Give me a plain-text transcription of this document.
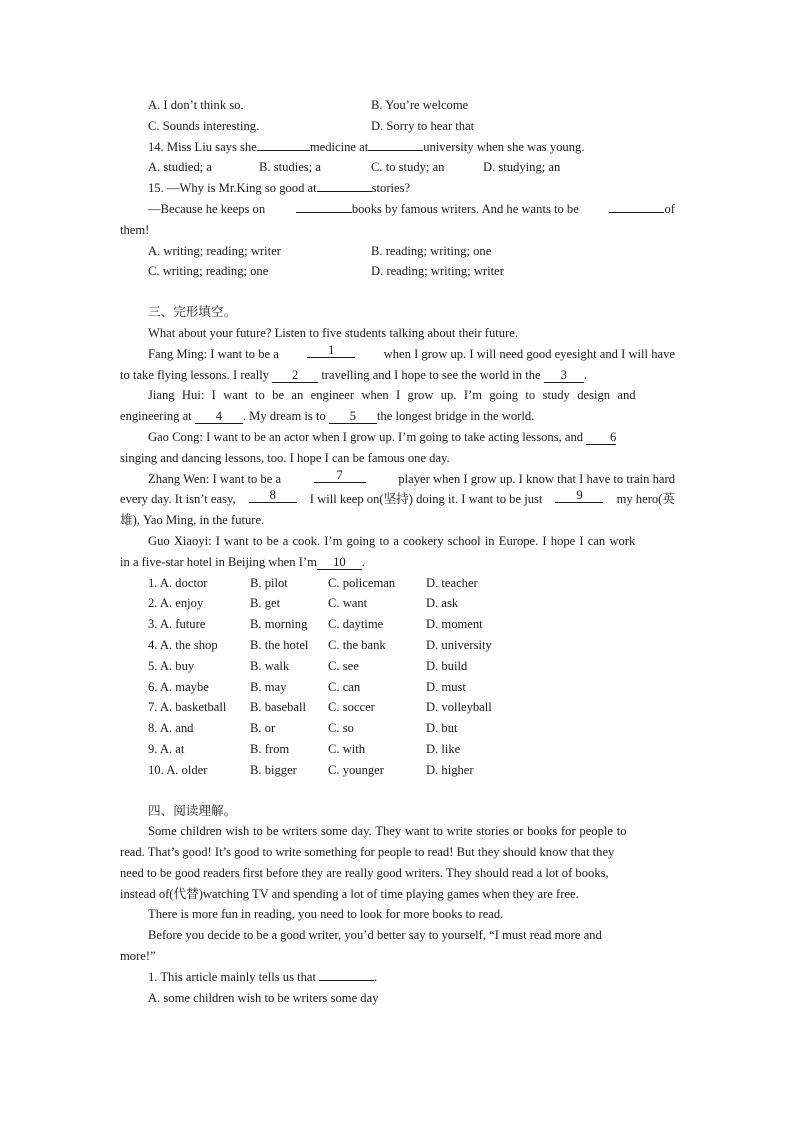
A. I don’t think so.	B. You’re welcome
C. Sounds interesting.	D. Sorry to hear that
14. Miss Liu says she	medicine at	university when she was young.
A. studied; a	B. studies; a	C. to study; an	D. studying; an
15. —Why is Mr.King so good at	stories?
—Because he keeps on	books by famous writers. And he wants to be	of
them!
A. writing; reading; writer	B. reading; writing; one
C. writing; reading; one	D. reading; writing; writer
三、完形填空。
What about your future? Listen to five students talking about their future.
Fang Ming: I want to be a	1	when I grow up. I will need good eyesight and I will have
to take flying lessons. I really 2 travelling and I hope to see the world in the 3 .
Jiang Hui: I want to be an engineer when I grow up. I’m going to study design and
engineering at 4 . My dream is to 5 the longest bridge in the world.
Gao Cong: I want to be an actor when I grow up. I’m going to take acting lessons, and 6
singing and dancing lessons, too. I hope I can be famous one day.
Zhang Wen: I want to be a	7	player when I grow up. I know that I have to train hard
every day. It isn’t easy,	8	I will keep on(坚持) doing it. I want to be just	9	my hero(英
雄), Yao Ming, in the future.
Guo Xiaoyi: I want to be a cook. I’m going to a cookery school in Europe. I hope I can work
in a five-star hotel in Beijing when I’m 10 .
1. A. doctor	B. pilot	C. policeman D. teacher
2. A. enjoy	B. get	C. want	D. ask
3. A. future	B. morning C. daytime	D. moment
4. A. the shop	B. the hotel C. the bank	D. university
5. A. buy	B. walk	C. see	D. build
6. A. maybe	B. may	C. can	D. must
7. A. basketball B. baseball C. soccer	D. volleyball
8. A. and	B. or	C. so	D. but
9. A. at	B. from	C. with	D. like
10. A. older	B. bigger C. younger	D. higher
四、阅读理解。
Some children wish to be writers some day. They want to write stories or books for people to
read. That’s good! It’s good to write something for people to read! But they should know that they
need to be good readers first before they are really good writers. They should read a lot of books,
instead of(代替)watching TV and spending a lot of time playing games when they are free.
There is more fun in reading, you need to look for more books to read.
Before you decide to be a good writer, you’d better say to yourself, “I must read more and
more!”
1. This article mainly tells us that	.
A. some children wish to be writers some day
